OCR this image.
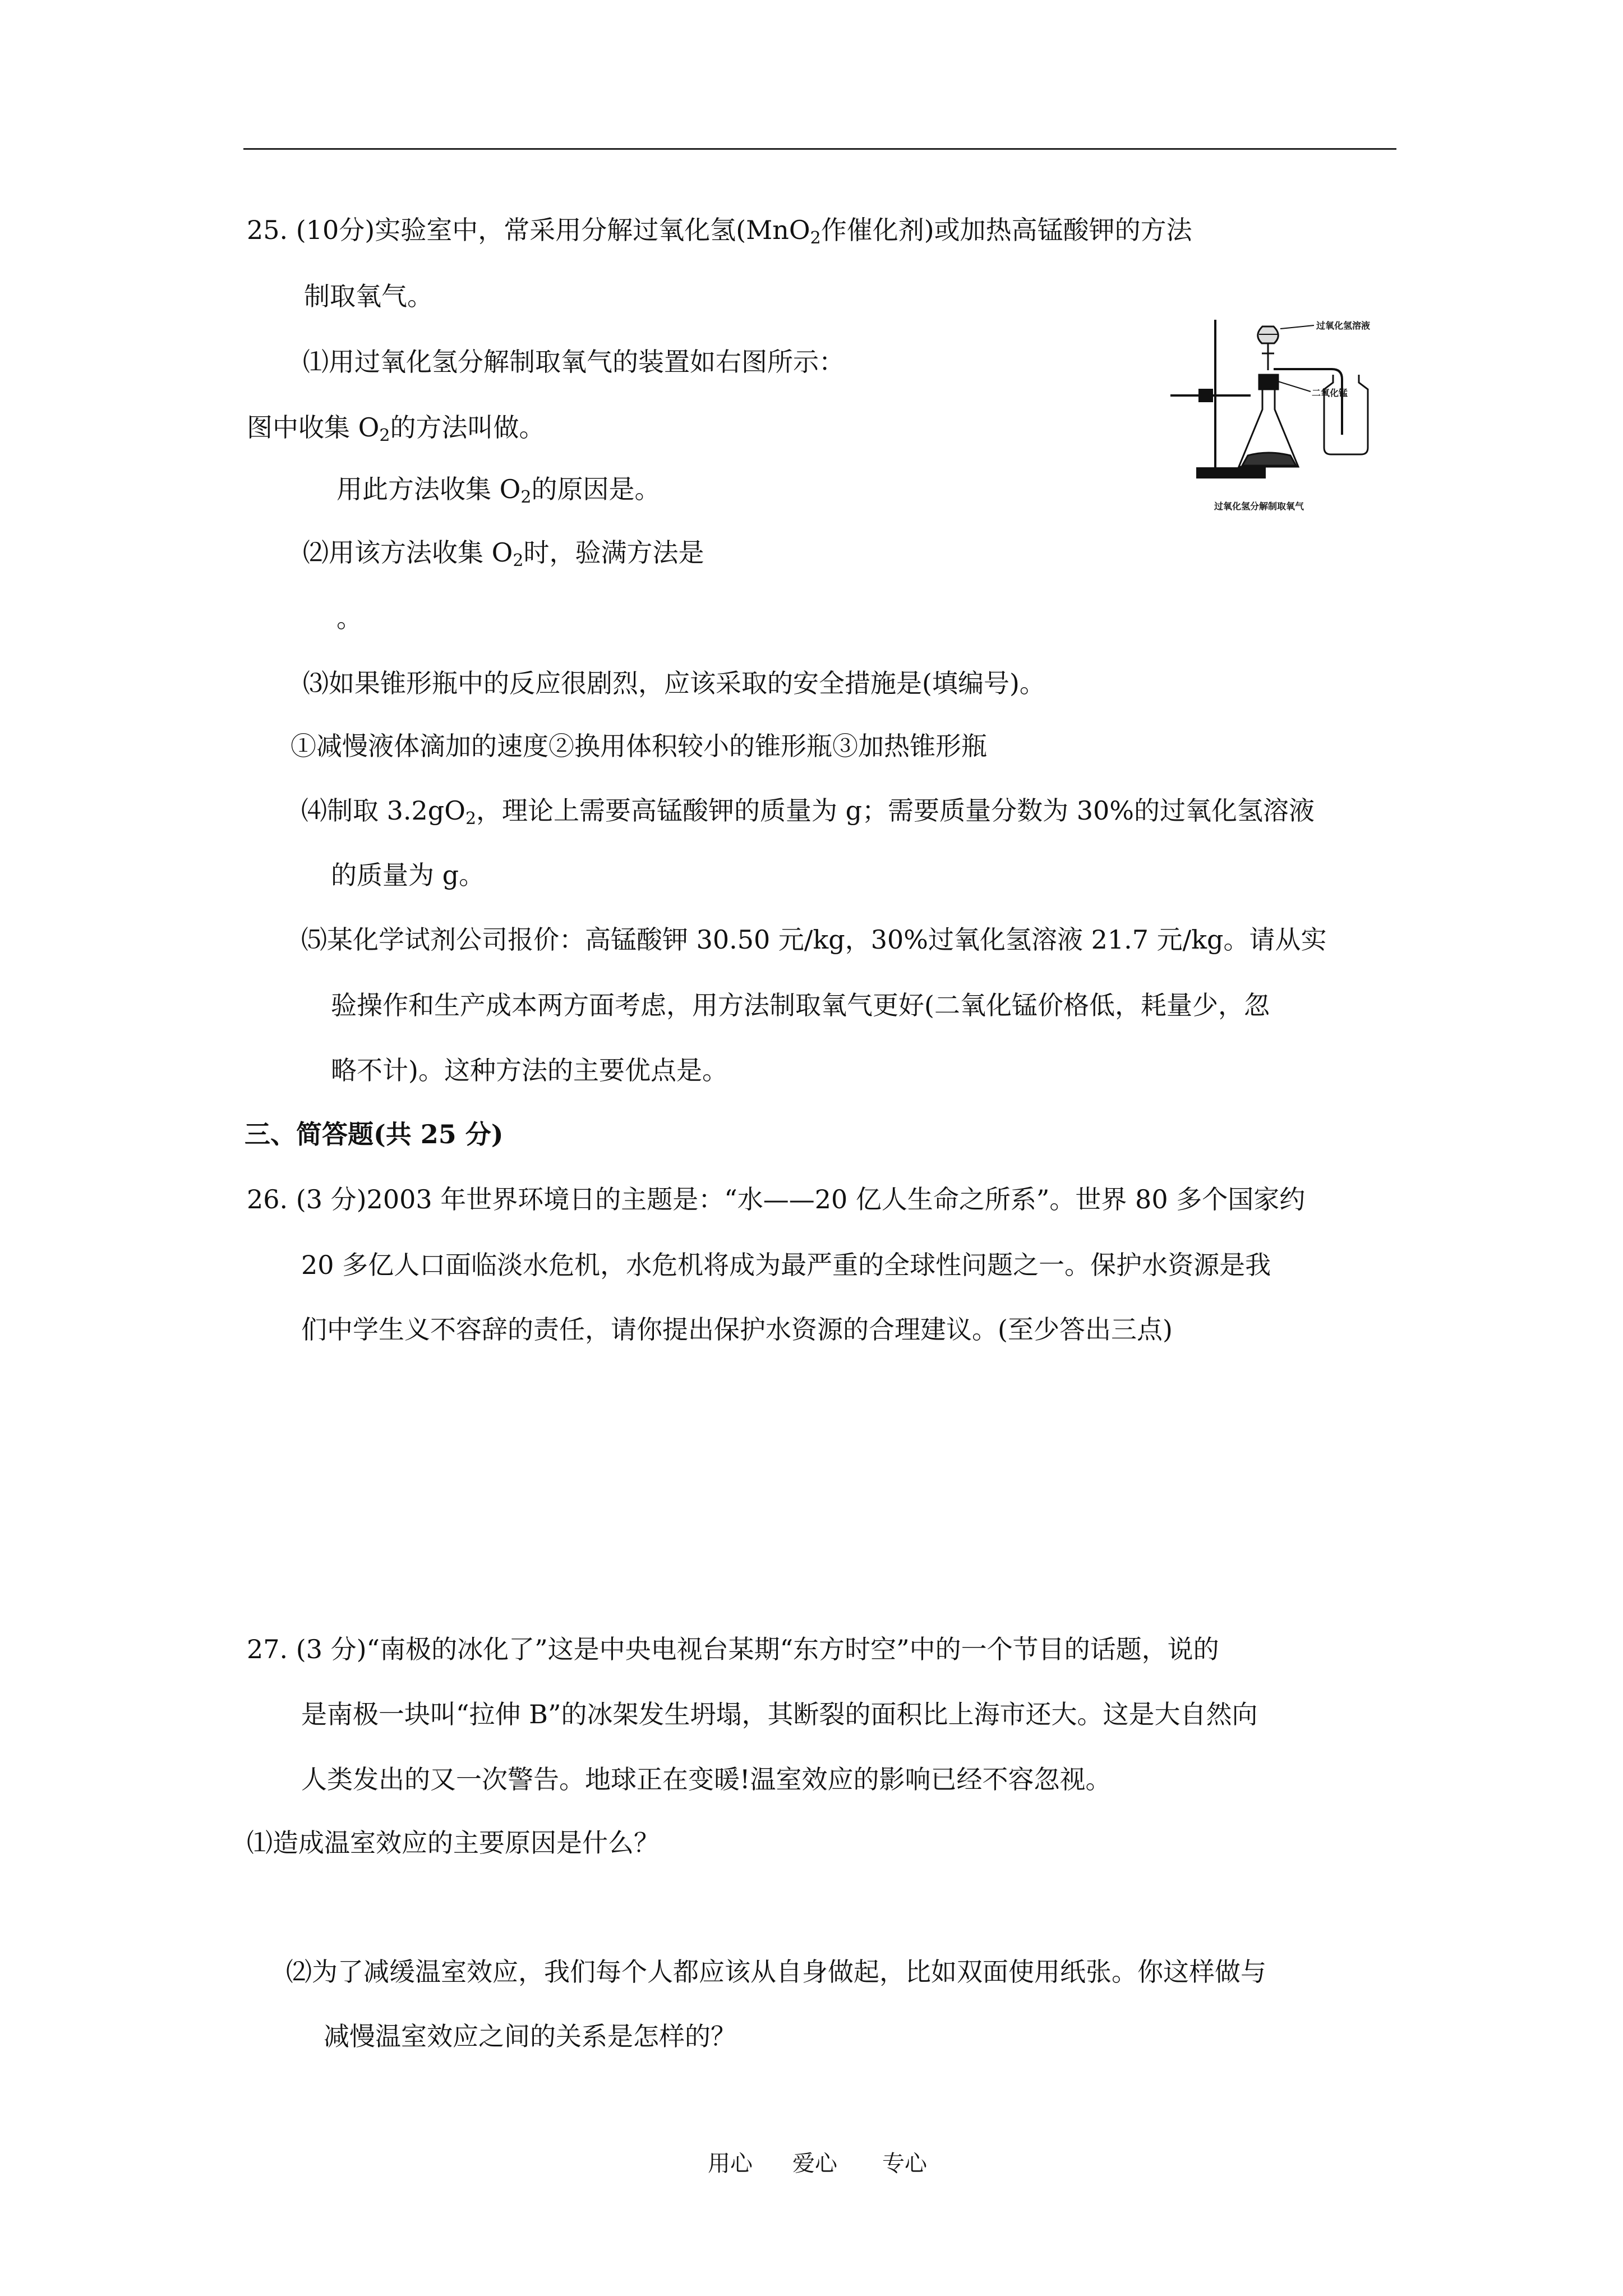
25. (10分)实验室中，常采用分解过氧化氢(MnO$_2$作催化剂)或加热高锰酸钾的方法
制取氧气。
⑴用过氧化氢分解制取氧气的装置如右图所示：
图中收集 $O_2$的方法叫做。
用此方法收集 $O_2$的原因是。
⑵用该方法收集 $O_2$时，验满方法是
。
⑶如果锥形瓶中的反应很剧烈，应该采取的安全措施是(填编号)。
①减慢液体滴加的速度②换用体积较小的锥形瓶③加热锥形瓶
⑷制取 $3.2gO_2$，理论上需要高锰酸钾的质量为 g；需要质量分数为 30%的过氧化氢溶液
的质量为 g。
⑸某化学试剂公司报价：高锰酸钾 30.50 元/kg，30%过氧化氢溶液 21.7 元/kg。请从实
验操作和生产成本两方面考虑，用方法制取氧气更好(二氧化锰价格低，耗量少，忽
略不计)。这种方法的主要优点是。
过氧化氢溶液
二氧化锰
过氧化氢分解制取氧气
三、简答题(共 25 分)
26. (3 分)2003 年世界环境日的主题是：“水——20 亿人生命之所系”。世界 80 多个国家约
20 多亿人口面临淡水危机，水危机将成为最严重的全球性问题之一。保护水资源是我
们中学生义不容辞的责任，请你提出保护水资源的合理建议。(至少答出三点)
27. (3 分)“南极的冰化了”这是中央电视台某期“东方时空”中的一个节目的话题，说的
是南极一块叫“拉伸 B”的冰架发生坍塌，其断裂的面积比上海市还大。这是大自然向
人类发出的又一次警告。地球正在变暖!温室效应的影响已经不容忽视。
⑴造成温室效应的主要原因是什么？
⑵为了减缓温室效应，我们每个人都应该从自身做起，比如双面使用纸张。你这样做与
减慢温室效应之间的关系是怎样的？
用心 爱心 专心
